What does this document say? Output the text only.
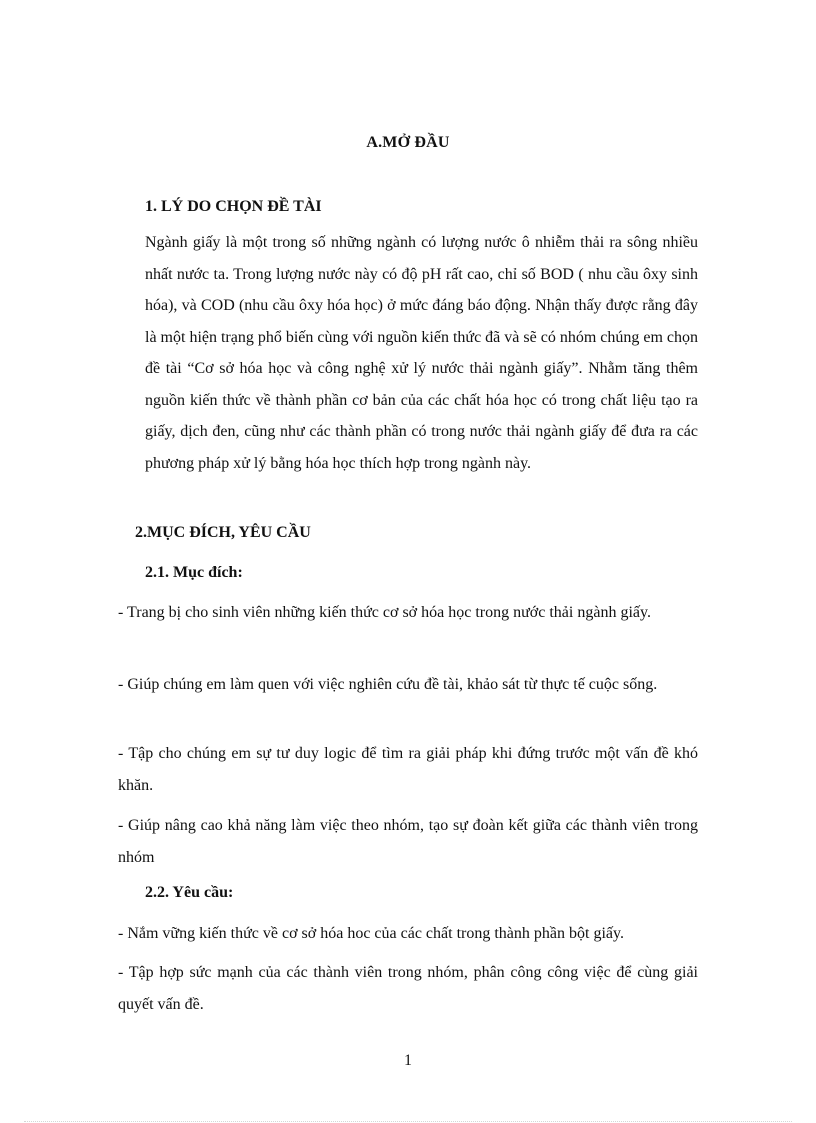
A.MỞ ĐẦU
1. LÝ DO CHỌN ĐỀ TÀI
Ngành giấy là một trong số những ngành có lượng nước ô nhiễm thải ra sông nhiều nhất nước ta. Trong lượng nước này có độ pH rất cao, chỉ số BOD ( nhu cầu ôxy sinh hóa), và COD (nhu cầu ôxy hóa học) ở mức đáng báo động. Nhận thấy được rằng đây là một hiện trạng phổ biến cùng với nguồn kiến thức đã và sẽ có nhóm chúng em chọn đề tài “Cơ sở hóa học và công nghệ xử lý nước thải ngành giấy”. Nhằm tăng thêm nguồn kiến thức về thành phần cơ bản của các chất hóa học có trong chất liệu tạo ra giấy, dịch đen, cũng như các thành phần có trong nước thải ngành giấy để đưa ra các phương pháp xử lý bằng hóa học thích hợp trong ngành này.
2.MỤC ĐÍCH, YÊU CẦU
2.1. Mục đích:
- Trang bị cho sinh viên những kiến thức cơ sở hóa học trong nước thải ngành giấy.
- Giúp chúng em làm quen với việc nghiên cứu đề tài, khảo sát từ thực tế cuộc sống.
- Tập cho chúng em sự tư duy logic để tìm ra giải pháp khi đứng trước một vấn đề khó khăn.
- Giúp nâng cao khả năng làm việc theo nhóm, tạo sự đoàn kết giữa các thành viên trong nhóm
2.2. Yêu cầu:
- Nắm vững kiến thức về cơ sở hóa hoc của các chất trong thành phần bột giấy.
- Tập hợp sức mạnh của các thành viên trong nhóm, phân công công việc để cùng giải quyết vấn đề.
1
